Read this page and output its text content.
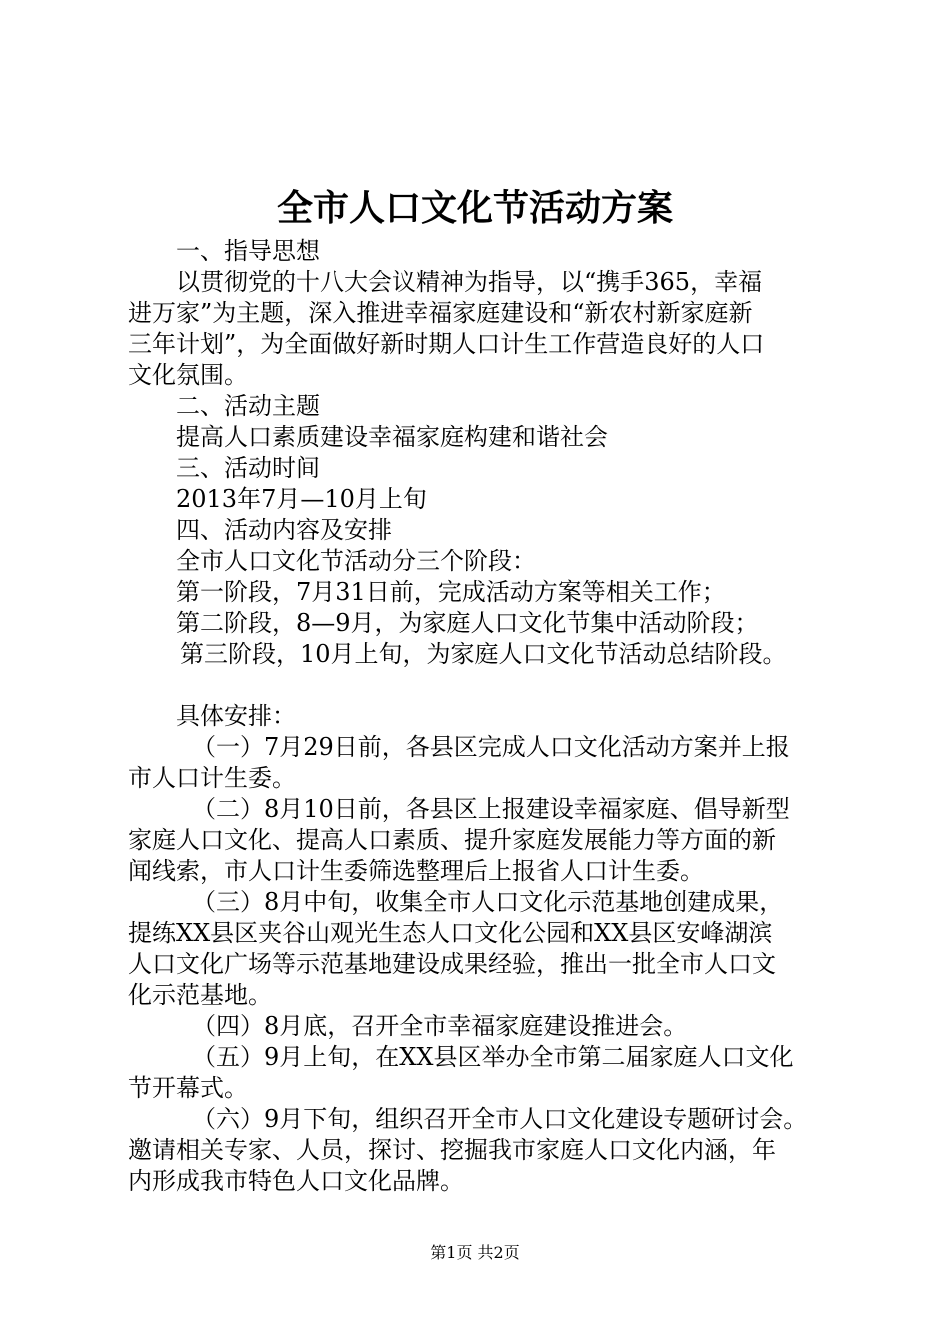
全市人口文化节活动方案

一、指导思想

以贯彻党的十八大会议精神为指导，以“携手365，幸福

进万家”为主题，深入推进幸福家庭建设和“新农村新家庭新

三年计划”，为全面做好新时期人口计生工作营造良好的人口

文化氛围。

二、活动主题

提高人口素质建设幸福家庭构建和谐社会

三、活动时间

2013年7月—10月上旬

四、活动内容及安排

全市人口文化节活动分三个阶段：

第一阶段，7月31日前，完成活动方案等相关工作；

第二阶段，8—9月，为家庭人口文化节集中活动阶段；

第三阶段，10月上旬，为家庭人口文化节活动总结阶段。

具体安排：

（一）7月29日前，各县区完成人口文化活动方案并上报

市人口计生委。

（二）8月10日前，各县区上报建设幸福家庭、倡导新型

家庭人口文化、提高人口素质、提升家庭发展能力等方面的新

闻线索，市人口计生委筛选整理后上报省人口计生委。

（三）8月中旬，收集全市人口文化示范基地创建成果，

提练XX县区夹谷山观光生态人口文化公园和XX县区安峰湖滨

人口文化广场等示范基地建设成果经验，推出一批全市人口文

化示范基地。

（四）8月底，召开全市幸福家庭建设推进会。

（五）9月上旬，在XX县区举办全市第二届家庭人口文化

节开幕式。

（六）9月下旬，组织召开全市人口文化建设专题研讨会。

邀请相关专家、人员，探讨、挖掘我市家庭人口文化内涵，年

内形成我市特色人口文化品牌。

第1页 共2页
